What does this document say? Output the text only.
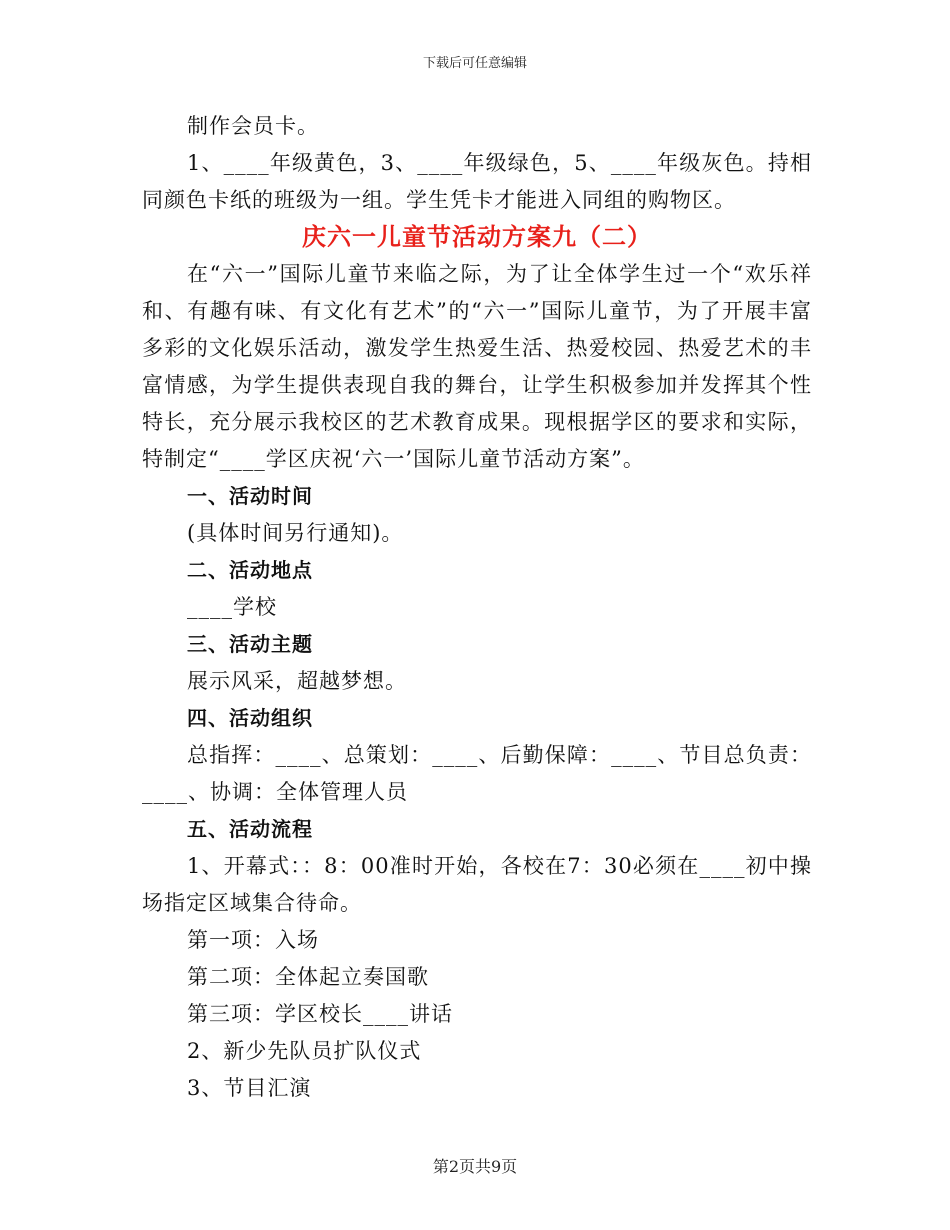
下载后可任意编辑

制作会员卡。

1、____年级黄色，3、____年级绿色，5、____年级灰色。持相同颜色卡纸的班级为一组。学生凭卡才能进入同组的购物区。

庆六一儿童节活动方案九（二）

在“六一”国际儿童节来临之际，为了让全体学生过一个“欢乐祥和、有趣有味、有文化有艺术”的“六一”国际儿童节，为了开展丰富多彩的文化娱乐活动，激发学生热爱生活、热爱校园、热爱艺术的丰富情感，为学生提供表现自我的舞台，让学生积极参加并发挥其个性特长，充分展示我校区的艺术教育成果。现根据学区的要求和实际，特制定“____学区庆祝‘六一’国际儿童节活动方案”。

一、活动时间

(具体时间另行通知)。

二、活动地点

____学校

三、活动主题

展示风采，超越梦想。

四、活动组织

总指挥：____、总策划：____、后勤保障：____、节目总负责：____、协调：全体管理人员

五、活动流程

1、开幕式：：8：00准时开始，各校在7：30必须在____初中操场指定区域集合待命。

第一项：入场

第二项：全体起立奏国歌

第三项：学区校长____讲话

2、新少先队员扩队仪式

3、节目汇演

第2页共9页
